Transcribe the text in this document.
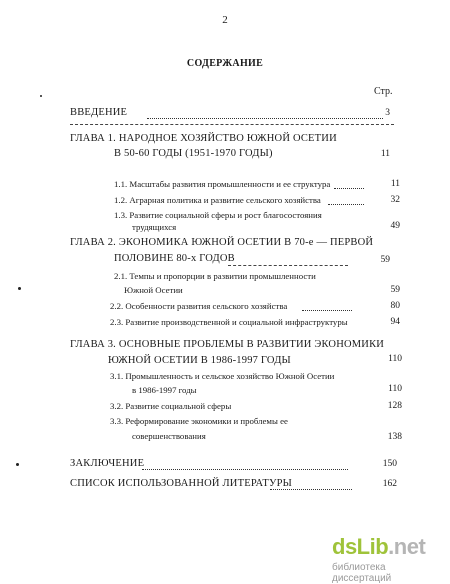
2
СОДЕРЖАНИЕ
Стр.
ВВЕДЕНИЕ	3
ГЛАВА 1. НАРОДНОЕ ХОЗЯЙСТВО ЮЖНОЙ ОСЕТИИ
В 50-60 ГОДЫ (1951-1970 ГОДЫ)	11
1.1. Масштабы развития промышленности и ее структура	11
1.2. Аграрная политика и развитие сельского хозяйства	32
1.3. Развитие социальной сферы и рост благосостояния
трудящихся	49
ГЛАВА 2. ЭКОНОМИКА ЮЖНОЙ ОСЕТИИ В 70-е — ПЕРВОЙ
ПОЛОВИНЕ 80-х ГОДОВ	59
2.1. Темпы и пропорции в развитии промышленности
Южной Осетии	59
2.2. Особенности развития сельского хозяйства	80
2.3. Развитие производственной и социальной инфраструктуры	94
ГЛАВА 3. ОСНОВНЫЕ ПРОБЛЕМЫ В РАЗВИТИИ ЭКОНОМИКИ
ЮЖНОЙ ОСЕТИИ В 1986-1997 ГОДЫ	110
3.1. Промышленность и сельское хозяйство Южной Осетии
в 1986-1997 годы	110
3.2. Развитие социальной сферы	128
3.3. Реформирование экономики и проблемы ее
совершенствования	138
ЗАКЛЮЧЕНИЕ	150
СПИСОК ИСПОЛЬЗОВАННОЙ ЛИТЕРАТУРЫ	162
dsLib.net
библиотека диссертаций
